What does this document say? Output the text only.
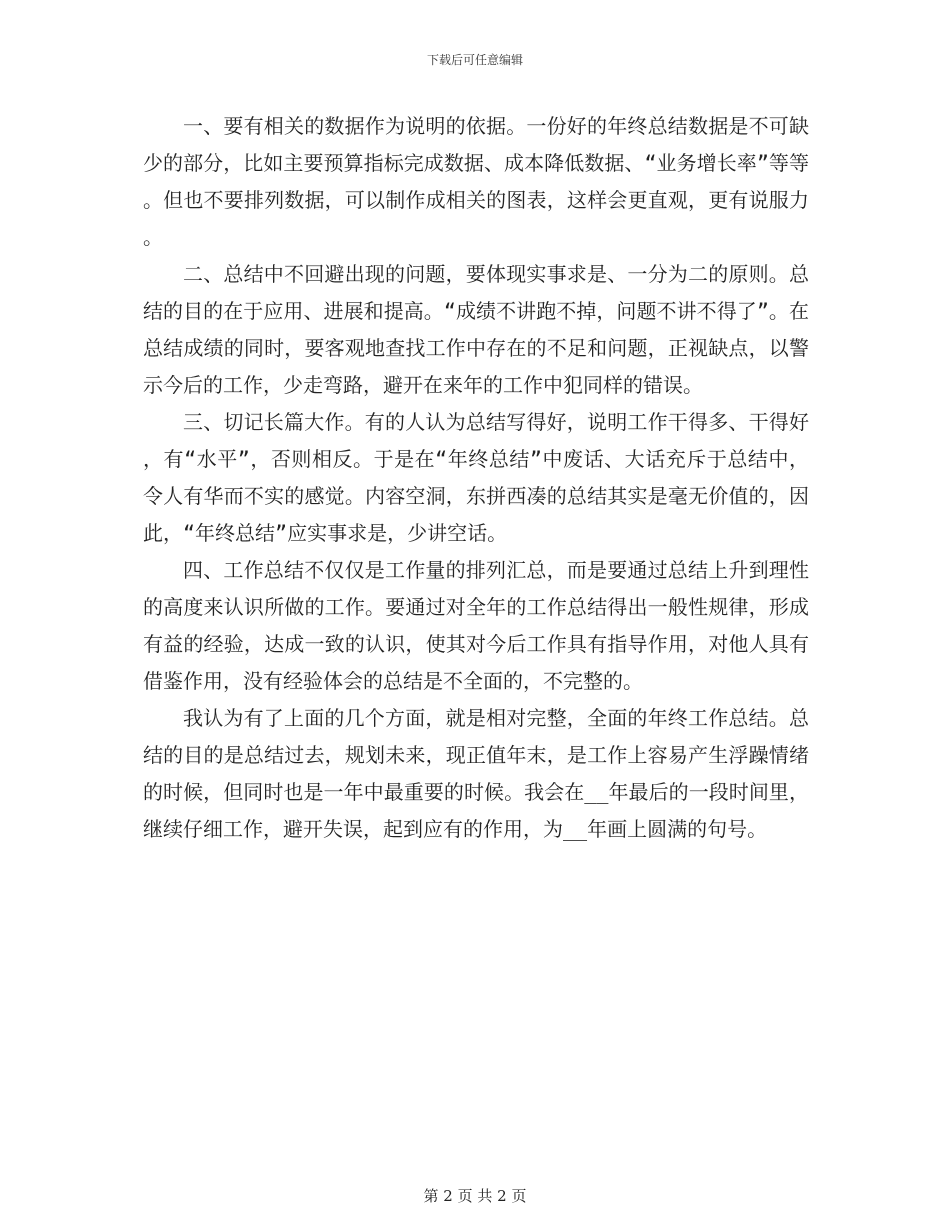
下载后可任意编辑

一、要有相关的数据作为说明的依据。一份好的年终总结数据是不可缺少的部分，比如主要预算指标完成数据、成本降低数据、“业务增长率”等等。但也不要排列数据，可以制作成相关的图表，这样会更直观，更有说服力。

二、总结中不回避出现的问题，要体现实事求是、一分为二的原则。总结的目的在于应用、进展和提高。“成绩不讲跑不掉，问题不讲不得了”。在总结成绩的同时，要客观地查找工作中存在的不足和问题，正视缺点，以警示今后的工作，少走弯路，避开在来年的工作中犯同样的错误。

三、切记长篇大作。有的人认为总结写得好，说明工作干得多、干得好，有“水平”，否则相反。于是在“年终总结”中废话、大话充斥于总结中，令人有华而不实的感觉。内容空洞，东拼西凑的总结其实是毫无价值的，因此，“年终总结”应实事求是，少讲空话。

四、工作总结不仅仅是工作量的排列汇总，而是要通过总结上升到理性的高度来认识所做的工作。要通过对全年的工作总结得出一般性规律，形成有益的经验，达成一致的认识，使其对今后工作具有指导作用，对他人具有借鉴作用，没有经验体会的总结是不全面的，不完整的。

我认为有了上面的几个方面，就是相对完整，全面的年终工作总结。总结的目的是总结过去，规划未来，现正值年末，是工作上容易产生浮躁情绪的时候，但同时也是一年中最重要的时候。我会在__年最后的一段时间里，继续仔细工作，避开失误，起到应有的作用，为__年画上圆满的句号。

第 2 页 共 2 页
